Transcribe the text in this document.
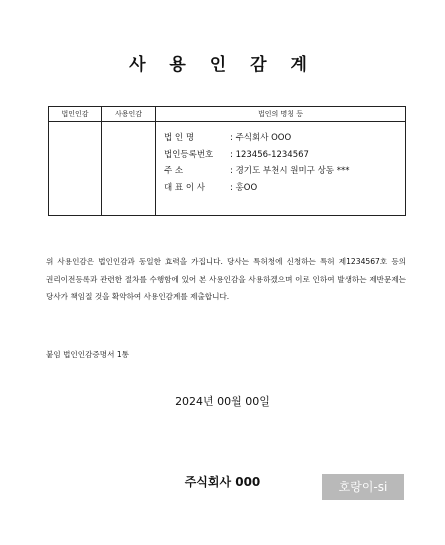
사 용 인 감 계
법인인감	사용인감	법인의 명칭 등

		법 인 명 : 주식회사 OOO
법인등록번호 : 123456-1234567
주 소 : 경기도 부천시 원미구 상동 ***
대 표 이 사 : 홍OO
위 사용인감은 법인인감과 동일한 효력을 가집니다. 당사는 특허청에 신청하는 특허 제1234567호 등의 권리이전등록과 관련한 절차를 수행함에 있어 본 사용인감을 사용하겠으며 이로 인하여 발생하는 제반문제는 당사가 책임질 것을 확약하여 사용인감계를 제출합니다.
붙임 법인인감증명서 1통
2024년 00월 00일
주식회사 000	호랑이-si
